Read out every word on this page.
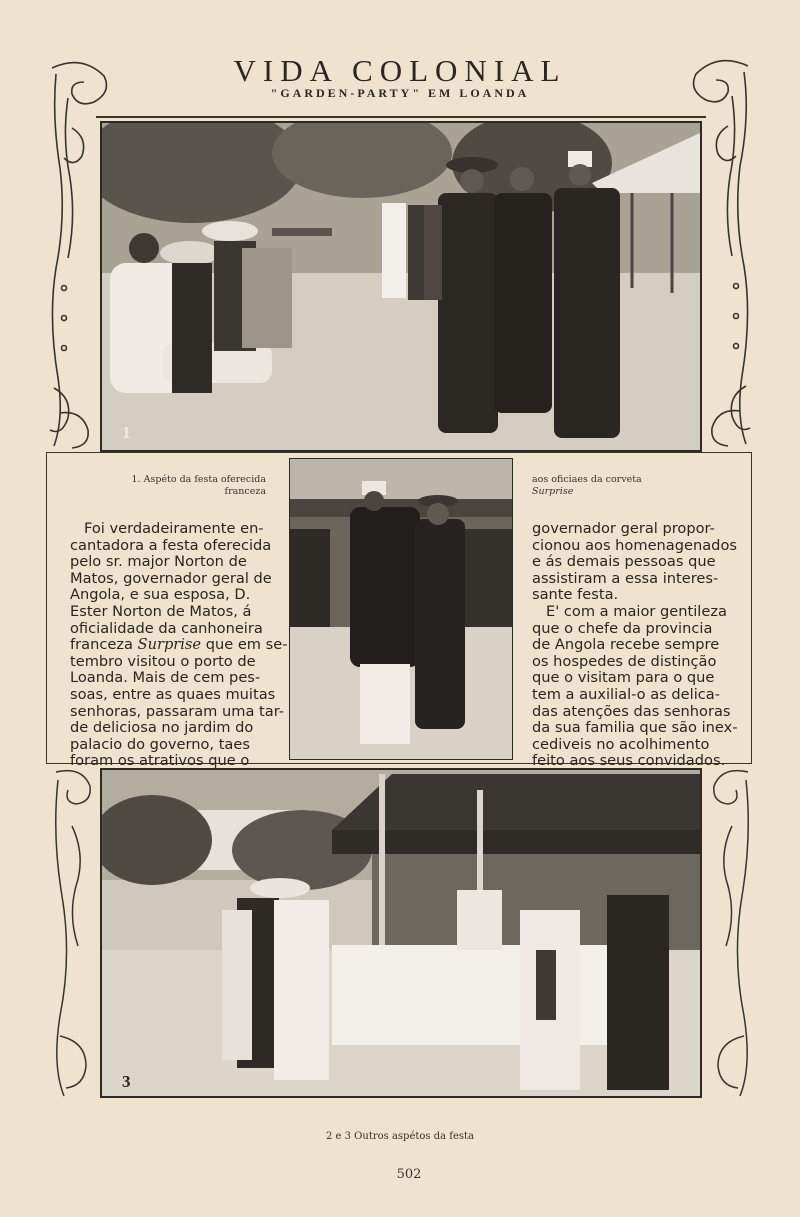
VIDA COLONIAL
"GARDEN-PARTY" EM LOANDA
1
1. Aspéto da festa oferecida
franceza
aos oficiaes da corveta
Surprise
Foi verdadeiramente en-
cantadora a festa oferecida
pelo sr. major Norton de
Matos, governador geral de
Angola, e sua esposa, D.
Ester Norton de Matos, á
oficialidade da canhoneira
franceza Surprise que em se-
tembro visitou o porto de
Loanda. Mais de cem pes-
soas, entre as quaes muitas
senhoras, passaram uma tar-
de deliciosa no jardim do
palacio do governo, taes
foram os atrativos que o
governador geral propor-
cionou aos homenagenados
e ás demais pessoas que
assistiram a essa interes-
sante festa.
E' com a maior gentileza
que o chefe da provincia
de Angola recebe sempre
os hospedes de distinção
que o visitam para o que
tem a auxilial-o as delica-
das atenções das senhoras
da sua familia que são inex-
cediveis no acolhimento
feito aos seus convidados.
3
2 e 3 Outros aspétos da festa
502
